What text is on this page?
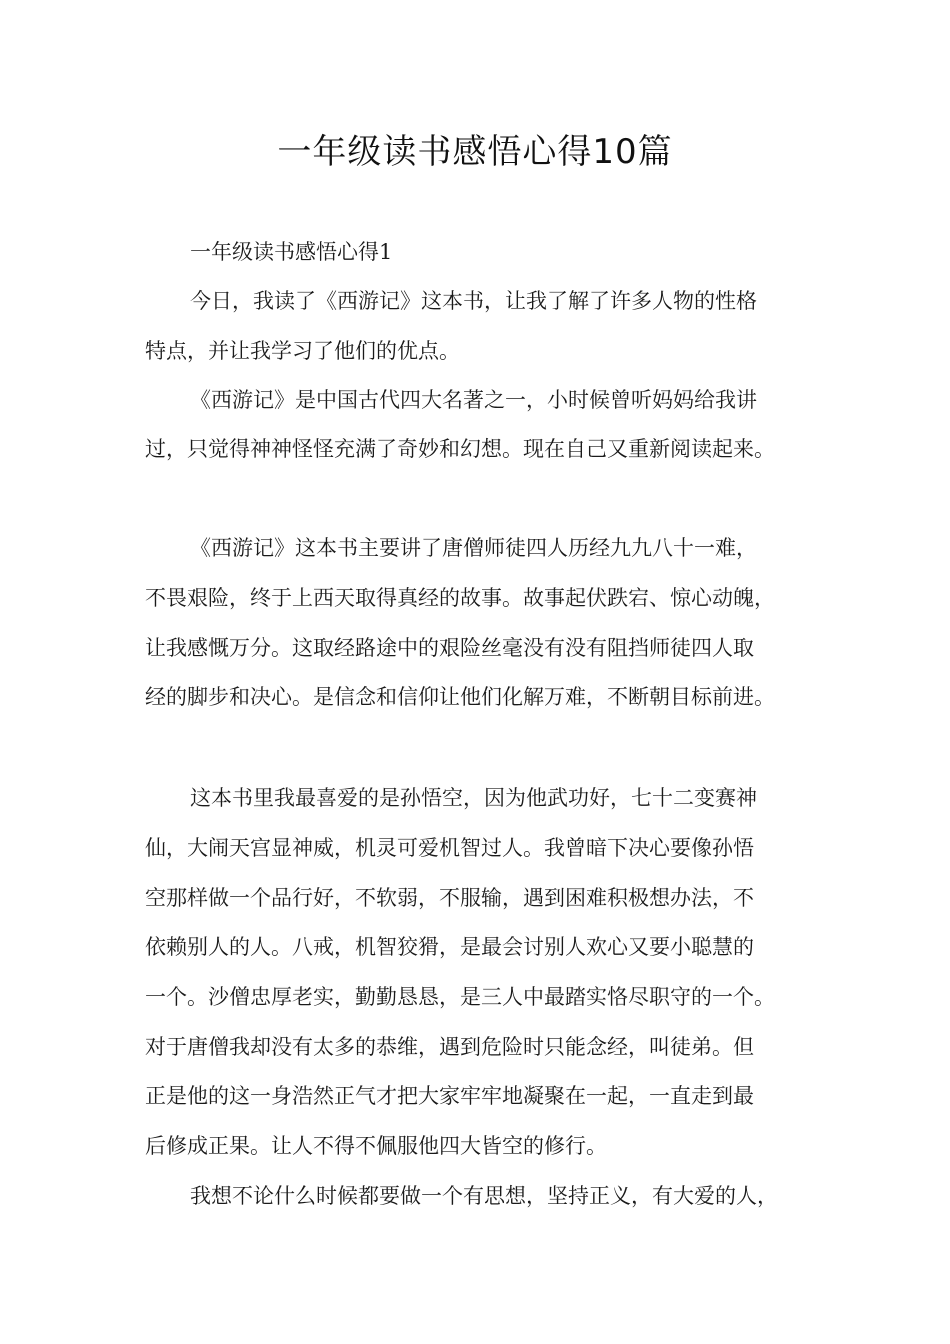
一年级读书感悟心得10篇

一年级读书感悟心得1

今日，我读了《西游记》这本书，让我了解了许多人物的性格

特点，并让我学习了他们的优点。

《西游记》是中国古代四大名著之一，小时候曾听妈妈给我讲

过，只觉得神神怪怪充满了奇妙和幻想。现在自己又重新阅读起来。

《西游记》这本书主要讲了唐僧师徒四人历经九九八十一难，

不畏艰险，终于上西天取得真经的故事。故事起伏跌宕、惊心动魄，

让我感慨万分。这取经路途中的艰险丝毫没有没有阻挡师徒四人取

经的脚步和决心。是信念和信仰让他们化解万难，不断朝目标前进。

这本书里我最喜爱的是孙悟空，因为他武功好，七十二变赛神

仙，大闹天宫显神威，机灵可爱机智过人。我曾暗下决心要像孙悟

空那样做一个品行好，不软弱，不服输，遇到困难积极想办法，不

依赖别人的人。八戒，机智狡猾，是最会讨别人欢心又要小聪慧的

一个。沙僧忠厚老实，勤勤恳恳，是三人中最踏实恪尽职守的一个。

对于唐僧我却没有太多的恭维，遇到危险时只能念经，叫徒弟。但

正是他的这一身浩然正气才把大家牢牢地凝聚在一起，一直走到最

后修成正果。让人不得不佩服他四大皆空的修行。

我想不论什么时候都要做一个有思想，坚持正义，有大爱的人，
